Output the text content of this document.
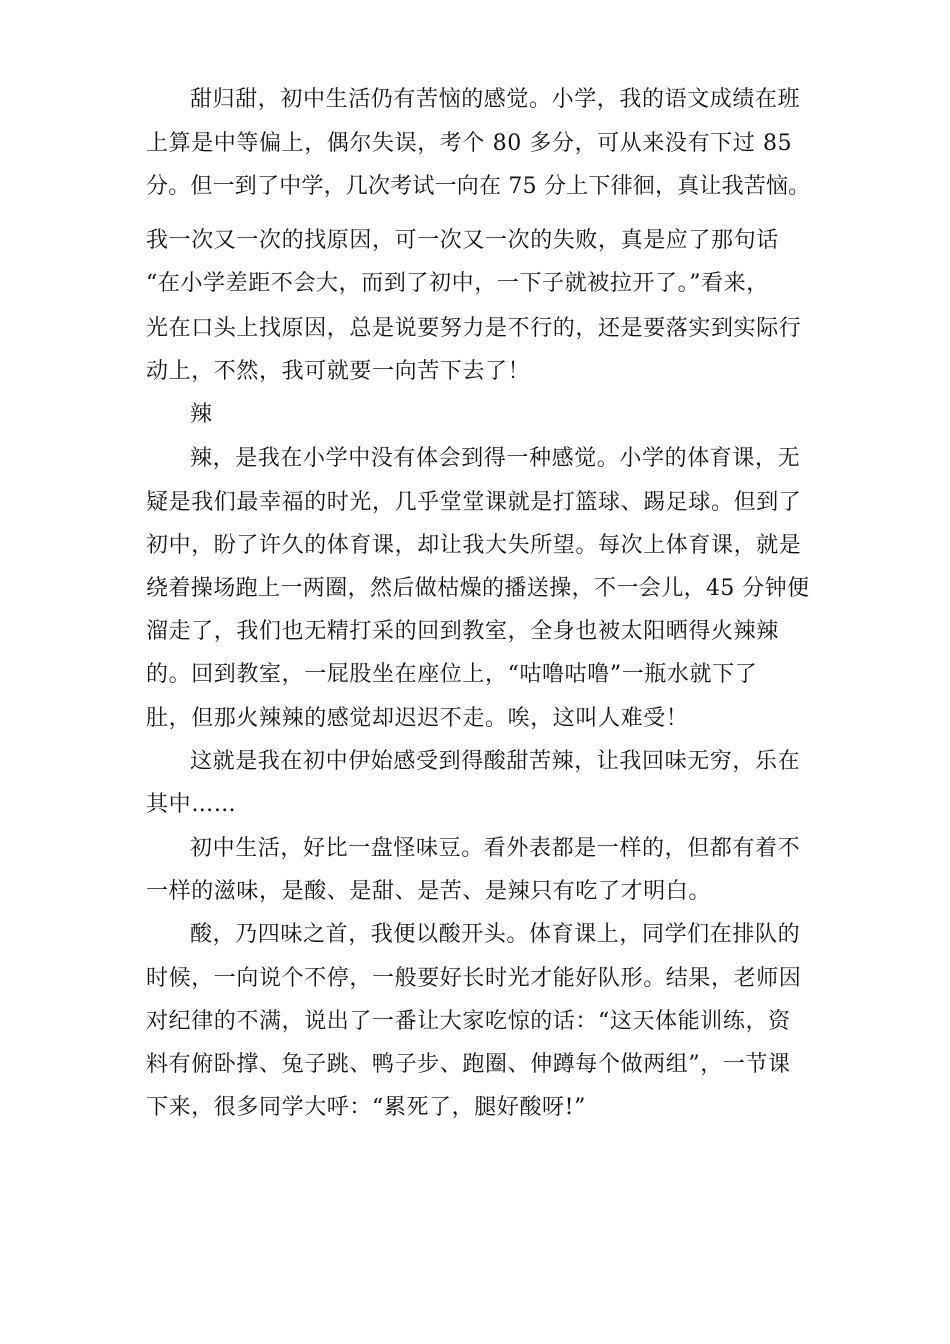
甜归甜，初中生活仍有苦恼的感觉。小学，我的语文成绩在班
上算是中等偏上，偶尔失误，考个 80 多分，可从来没有下过 85
分。但一到了中学，几次考试一向在 75 分上下徘徊，真让我苦恼。
我一次又一次的找原因，可一次又一次的失败，真是应了那句话
“在小学差距不会大，而到了初中，一下子就被拉开了。”看来，
光在口头上找原因，总是说要努力是不行的，还是要落实到实际行
动上，不然，我可就要一向苦下去了！
辣
辣，是我在小学中没有体会到得一种感觉。小学的体育课，无
疑是我们最幸福的时光，几乎堂堂课就是打篮球、踢足球。但到了
初中，盼了许久的体育课，却让我大失所望。每次上体育课，就是
绕着操场跑上一两圈，然后做枯燥的播送操，不一会儿，45 分钟便
溜走了，我们也无精打采的回到教室，全身也被太阳晒得火辣辣
的。回到教室，一屁股坐在座位上，“咕噜咕噜”一瓶水就下了
肚，但那火辣辣的感觉却迟迟不走。唉，这叫人难受！
这就是我在初中伊始感受到得酸甜苦辣，让我回味无穷，乐在
其中……
初中生活，好比一盘怪味豆。看外表都是一样的，但都有着不
一样的滋味，是酸、是甜、是苦、是辣只有吃了才明白。
酸，乃四味之首，我便以酸开头。体育课上，同学们在排队的
时候，一向说个不停，一般要好长时光才能好队形。结果，老师因
对纪律的不满，说出了一番让大家吃惊的话：“这天体能训练，资
料有俯卧撑、兔子跳、鸭子步、跑圈、伸蹲每个做两组”，一节课
下来，很多同学大呼：“累死了，腿好酸呀!”
